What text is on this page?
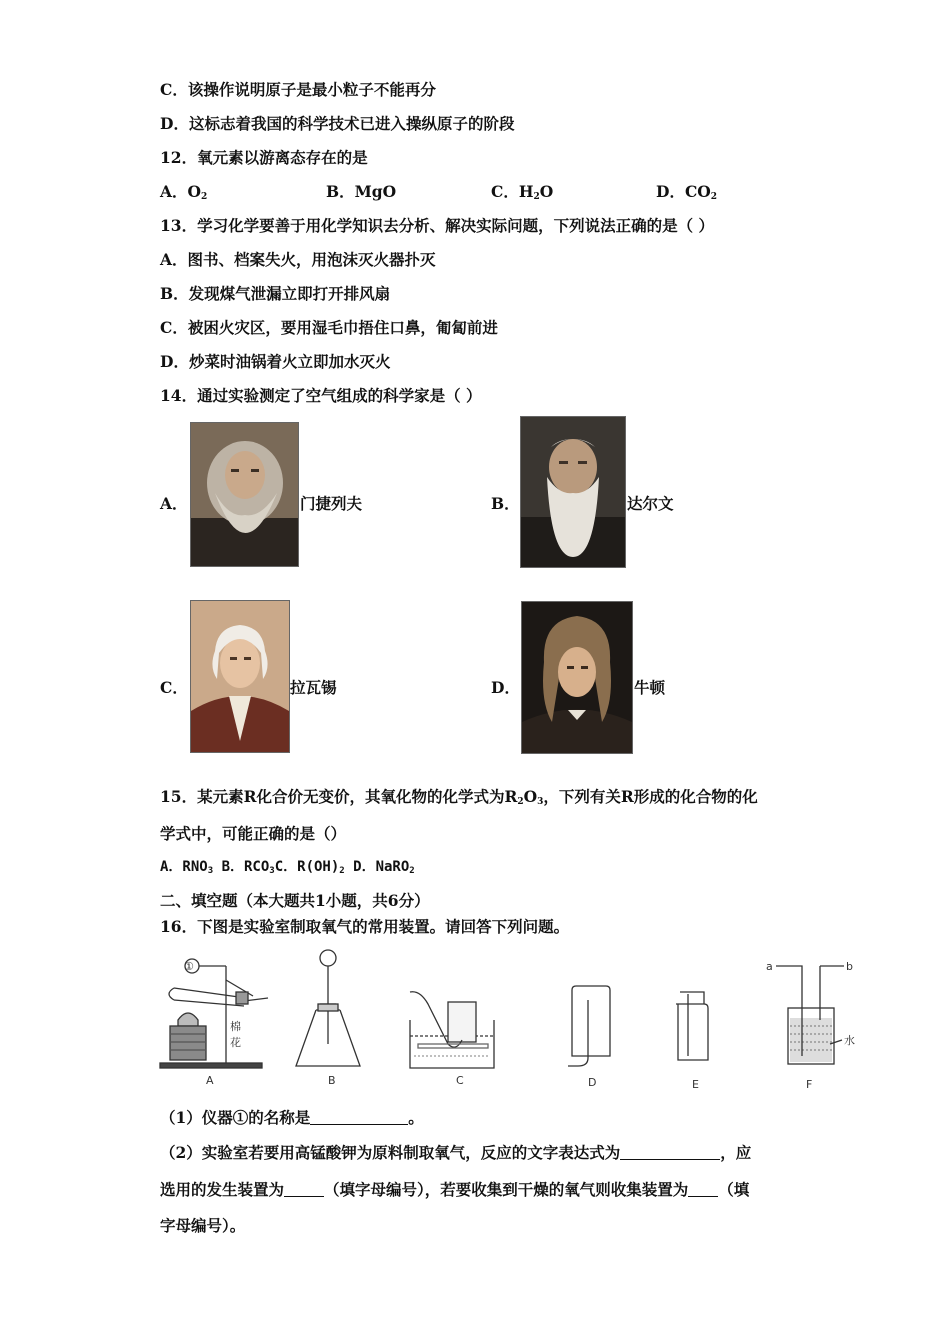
C．该操作说明原子是最小粒子不能再分
D．这标志着我国的科学技术已进入操纵原子的阶段
12．氧元素以游离态存在的是
A．$O_2$	B．MgO	C．$H_2O$	D．$CO_2$
13．学习化学要善于用化学知识去分析、解决实际问题，下列说法正确的是（ ）
A．图书、档案失火，用泡沫灭火器扑灭
B．发现煤气泄漏立即打开排风扇
C．被困火灾区，要用湿毛巾捂住口鼻，匍匐前进
D．炒菜时油锅着火立即加水灭火
14．通过实验测定了空气组成的科学家是（ ）
A．	门捷列夫	B．	达尔文
C．	拉瓦锡	D．	牛顿
15．某元素R化合价无变价，其氧化物的化学式为$R_2O_3$，下列有关R形成的化合物的化
学式中，可能正确的是（）
A．$RNO_3$ B．$RCO_3C$．$R(OH)_2$ D．NaRO$_2$
二、填空题（本大题共1小题，共6分）
16．下图是实验室制取氧气的常用装置。请回答下列问题。
棉
花
a	b
水
①
A	B	C	D	E	F
（1）仪器①的名称是	。
（2）实验室若要用高锰酸钾为原料制取氧气，反应的文字表达式为	，应
选用的发生装置为	（填字母编号），若要收集到干燥的氧气则收集装置为 （填
字母编号）。
